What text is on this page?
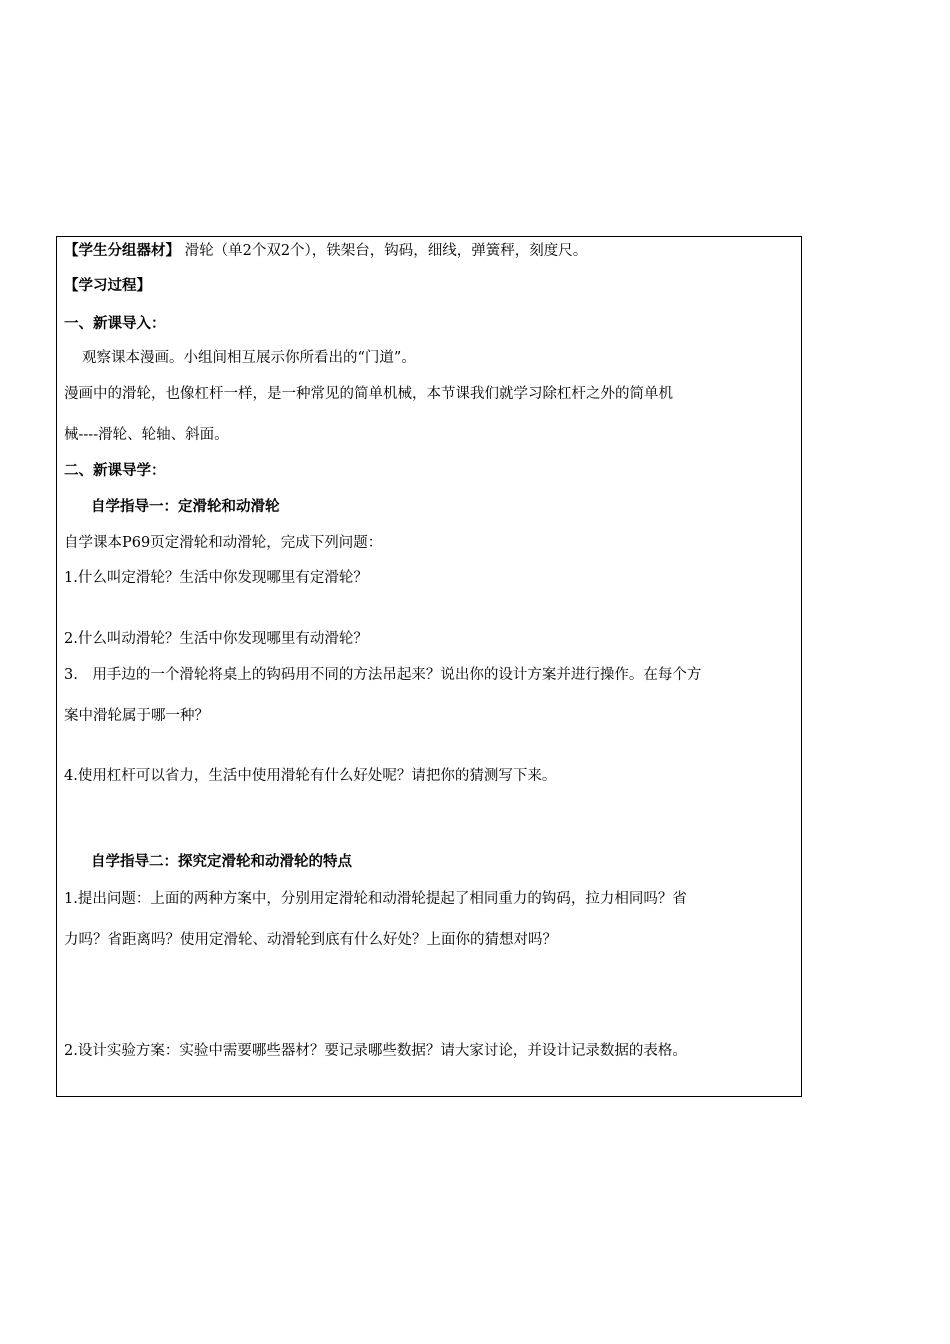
【学生分组器材】 滑轮（单2个双2个），铁架台，钩码，细线，弹簧秤，刻度尺。
【学习过程】
一、新课导入：
观察课本漫画。小组间相互展示你所看出的“门道”。
漫画中的滑轮，也像杠杆一样，是一种常见的简单机械，本节课我们就学习除杠杆之外的简单机
械----滑轮、轮轴、斜面。
二、新课导学：
自学指导一：定滑轮和动滑轮
自学课本P69页定滑轮和动滑轮，完成下列问题：
1.什么叫定滑轮？生活中你发现哪里有定滑轮？
2.什么叫动滑轮？生活中你发现哪里有动滑轮？
3.　用手边的一个滑轮将桌上的钩码用不同的方法吊起来？说出你的设计方案并进行操作。在每个方
案中滑轮属于哪一种？
4.使用杠杆可以省力，生活中使用滑轮有什么好处呢？请把你的猜测写下来。
自学指导二：探究定滑轮和动滑轮的特点
1.提出问题：上面的两种方案中，分别用定滑轮和动滑轮提起了相同重力的钩码，拉力相同吗？省
力吗？省距离吗？使用定滑轮、动滑轮到底有什么好处？上面你的猜想对吗？
2.设计实验方案：实验中需要哪些器材？要记录哪些数据？请大家讨论，并设计记录数据的表格。
